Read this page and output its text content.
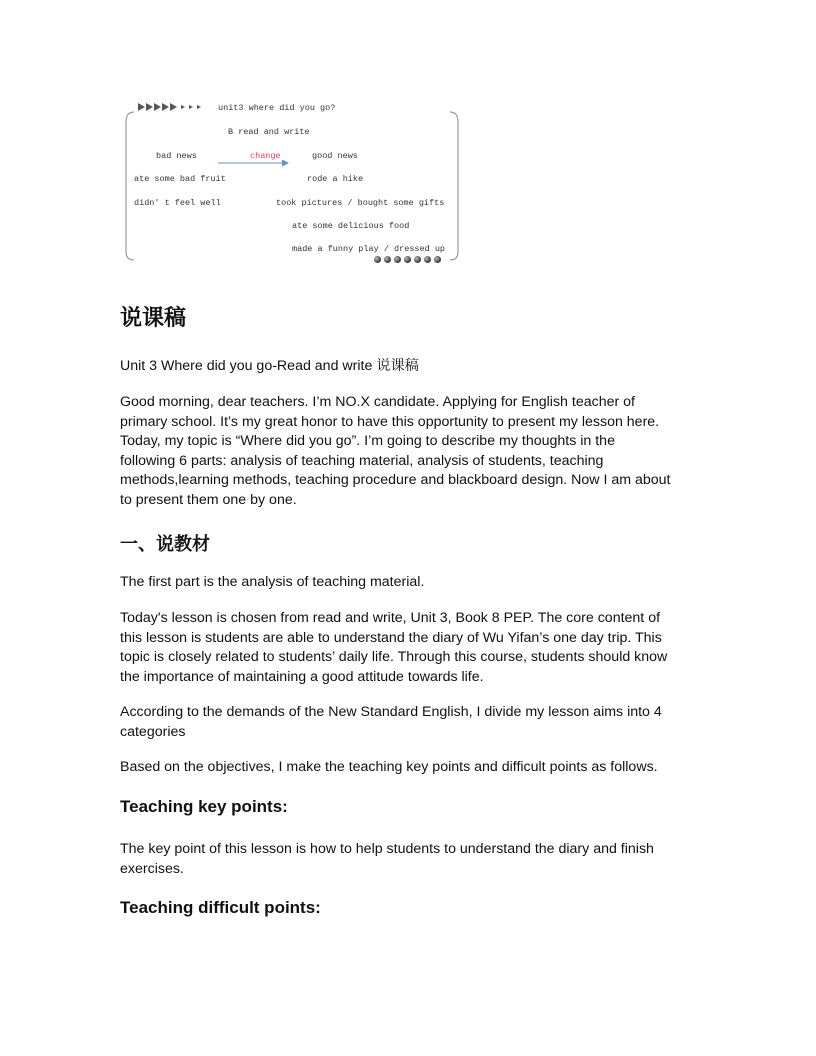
unit3 where did you go?
B read and write
bad news	change	good news
ate some bad fruit
didn' t feel well
rode a hike
took pictures / bought some gifts
ate some delicious food
made a funny play / dressed up
说课稿

Unit 3 Where did you go-Read and write 说课稿

Good morning, dear teachers. I’m NO.X candidate. Applying for English teacher of

primary school. It’s my great honor to have this opportunity to present my lesson here.

Today, my topic is “Where did you go”. I’m going to describe my thoughts in the

following 6 parts: analysis of teaching material, analysis of students, teaching

methods,learning methods, teaching procedure and blackboard design. Now I am about

to present them one by one.

一、说教材

The first part is the analysis of teaching material.

Today's lesson is chosen from read and write, Unit 3, Book 8 PEP. The core content of

this lesson is students are able to understand the diary of Wu Yifan’s one day trip. This

topic is closely related to students’ daily life. Through this course, students should know

the importance of maintaining a good attitude towards life.

According to the demands of the New Standard English, I divide my lesson aims into 4

categories

Based on the objectives, I make the teaching key points and difficult points as follows.

Teaching key points:

The key point of this lesson is how to help students to understand the diary and finish

exercises.

Teaching difficult points:
